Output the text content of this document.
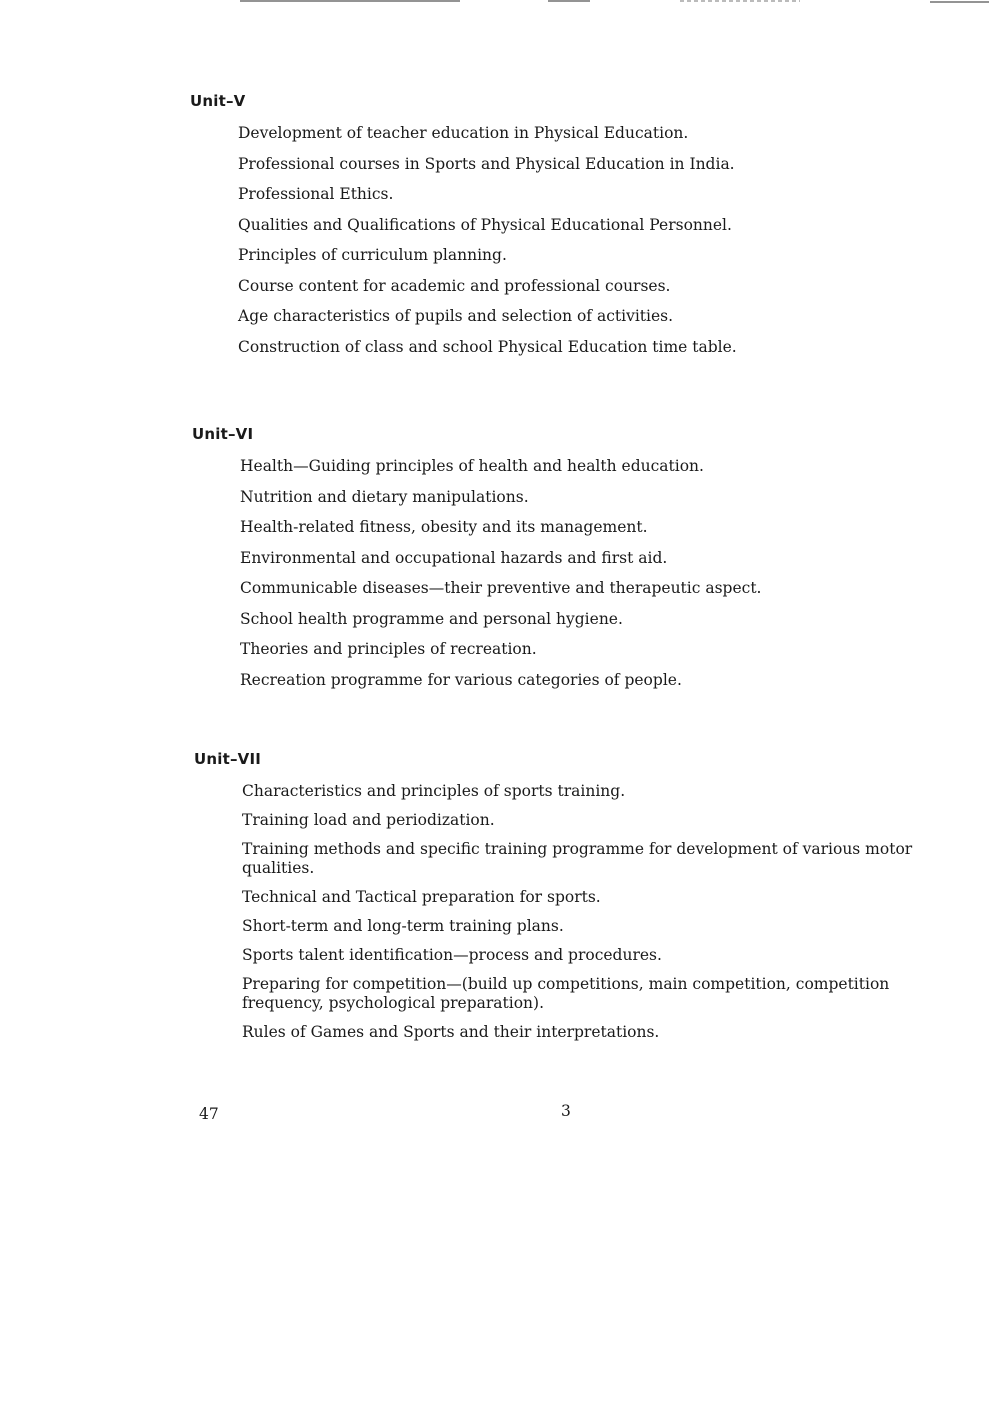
Unit–V
Development of teacher education in Physical Education.
Professional courses in Sports and Physical Education in India.
Professional Ethics.
Qualities and Qualifications of Physical Educational Personnel.
Principles of curriculum planning.
Course content for academic and professional courses.
Age characteristics of pupils and selection of activities.
Construction of class and school Physical Education time table.
Unit–VI
Health—Guiding principles of health and health education.
Nutrition and dietary manipulations.
Health-related fitness, obesity and its management.
Environmental and occupational hazards and first aid.
Communicable diseases—their preventive and therapeutic aspect.
School health programme and personal hygiene.
Theories and principles of recreation.
Recreation programme for various categories of people.
Unit–VII
Characteristics and principles of sports training.
Training load and periodization.
Training methods and specific training programme for development of various motor qualities.
Technical and Tactical preparation for sports.
Short-term and long-term training plans.
Sports talent identification—process and procedures.
Preparing for competition—(build up competitions, main competition, competition frequency, psychological preparation).
Rules of Games and Sports and their interpretations.
47	3
